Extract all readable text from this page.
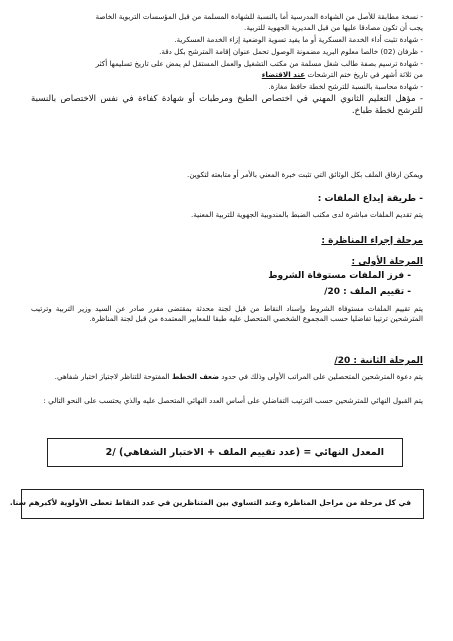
- نسخة مطابقة للأصل من الشهادة المدرسية أما بالنسبة للشهادة المسلمة من قبل المؤسسات التربوية الخاصة
يجب أن تكون مصادقا عليها من قبل المديرية الجهوية للتربية.
- شهادة تثبت أداء الخدمة العسكرية أو ما يفيد تسوية الوضعية إزاء الخدمة العسكرية.
- ظرفان (02) خالصا معلوم البريد مضمونة الوصول تحمل عنوان إقامة المترشح بكل دقة.
- شهادة ترسيم بصفة طالب شغل مسلمة من مكتب التشغيل والعمل المستقل لم يمض على تاريخ تسليمها أكثر
من ثلاثة أشهر في تاريخ ختم الترشحات عند الاقتضاء
- شهادة محاسبة بالنسبة للترشح لخطة حافظ مغازة.
- مؤهل التعليم الثانوي المهني في اختصاص الطبخ ومرطبات أو شهادة كفاءة في نفس الاختصاص بالنسبة للترشح لخطة طباخ.
ويمكن ارفاق الملف بكل الوثائق التي تثبت خبرة المعني بالأمر أو متابعته لتكوين.
- طريقة إيداع الملفات :
يتم تقديم الملفات مباشرة لدى مكتب الضبط بالمندوبية الجهوية للتربية المعنية.
مرحلة إجراء المناظرة :
المرحلة الأولى :
- فرز الملفات مستوفاة الشروط
- تقييم الملف : 20/
يتم تقييم الملفات مستوفاة الشروط وإسناد النقاط من قبل لجنة محدثة بمقتضى مقرر صادر عن السيد وزير التربية وترتيب المترشحين ترتيبا تفاضليا حسب المجموع الشخصي المتحصل عليه طبقا للمعايير المعتمدة من قبل لجنة المناظرة.
المرحلة الثانية : 20/
يتم دعوة المترشحين المتحصلين على المراتب الأولى وذلك في حدود ضعف الخطط المفتوحة للتناظر لاجتياز اختبار شفاهي.
يتم القبول النهائي للمترشحين حسب الترتيب التفاضلي على أساس العدد النهائي المتحصل عليه والذي يحتسب على النحو التالي :
المعدل النهائي = (عدد تقييم الملف + الاختبار الشفاهي) /2
في كل مرحلة من مراحل المناظرة وعند التساوي بين المتناظرين في عدد النقاط تعطى الأولوية لأكبرهم سنا.
